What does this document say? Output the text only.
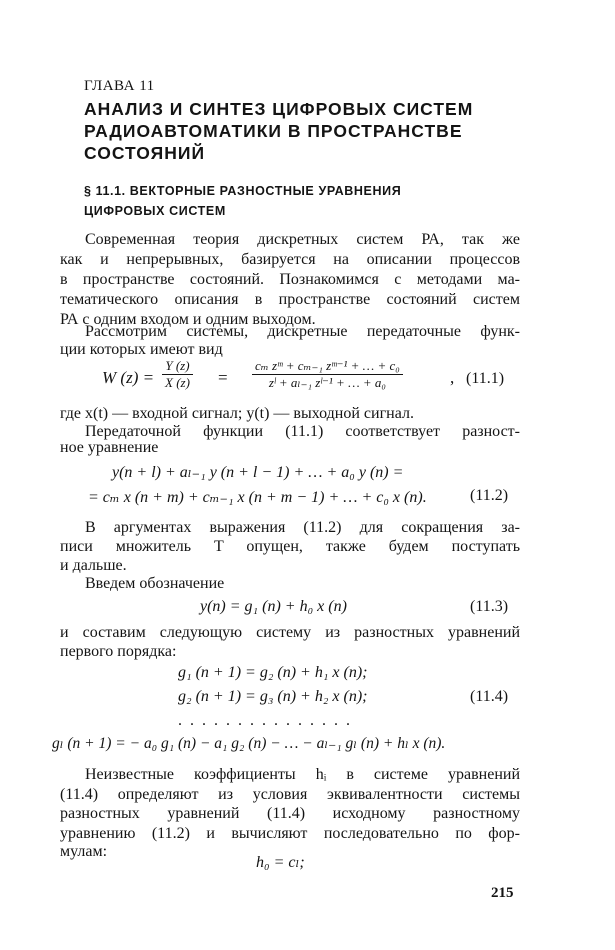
ГЛАВА 11
АНАЛИЗ И СИНТЕЗ ЦИФРОВЫХ СИСТЕМ
РАДИОАВТОМАТИКИ В ПРОСТРАНСТВЕ
СОСТОЯНИЙ
§ 11.1. ВЕКТОРНЫЕ РАЗНОСТНЫЕ УРАВНЕНИЯ
ЦИФРОВЫХ СИСТЕМ
Современная теория дискретных систем РА, так же
как и непрерывных, базируется на описании процессов
в пространстве состояний. Познакомимся с методами ма-
тематического описания в пространстве состояний систем
РА с одним входом и одним выходом.
Рассмотрим системы, дискретные передаточные функ-
ции которых имеют вид
W $(z) = \frac{Y (z)}{X (z)} = \frac{\text{cₘ zᵐ + cₘ₋₁ zᵐ⁻¹ + … + c₀}}{\text{zˡ + aₗ₋₁ zˡ⁻¹ + … + a₀}}$	, (11.1)
где x(t) — входной сигнал; y(t) — выходной сигнал.
Передаточной функции (11.1) соответствует разност-
ное уравнение
y(n + l) + aₗ₋₁ y (n + l − 1) + … + a₀ y (n) =
= cₘ x (n + m) + cₘ₋₁ x (n + m − 1) + … + c₀ x (n).	(11.2)
В аргументах выражения (11.2) для сокращения за-
писи множитель T опущен, также будем поступать
и дальше.
Введем обозначение
y(n) = g₁ (n) + h₀ x (n)	(11.3)
и составим следующую систему из разностных уравнений
первого порядка:
g₁ (n + 1) = g₂ (n) + h₁ x (n);
g₂ (n + 1) = g₃ (n) + h₂ x (n);	(11.4)
...............
gₗ (n + 1) = − a₀ g₁ (n) − a₁ g₂ (n) − … − aₗ₋₁ gₗ (n) + hₗ x (n).
Неизвестные коэффициенты hᵢ в системе уравнений
(11.4) определяют из условия эквивалентности системы
разностных уравнений (11.4) исходному разностному
уравнению (11.2) и вычисляют последовательно по фор-
мулам:
h₀ = cₗ;
215
